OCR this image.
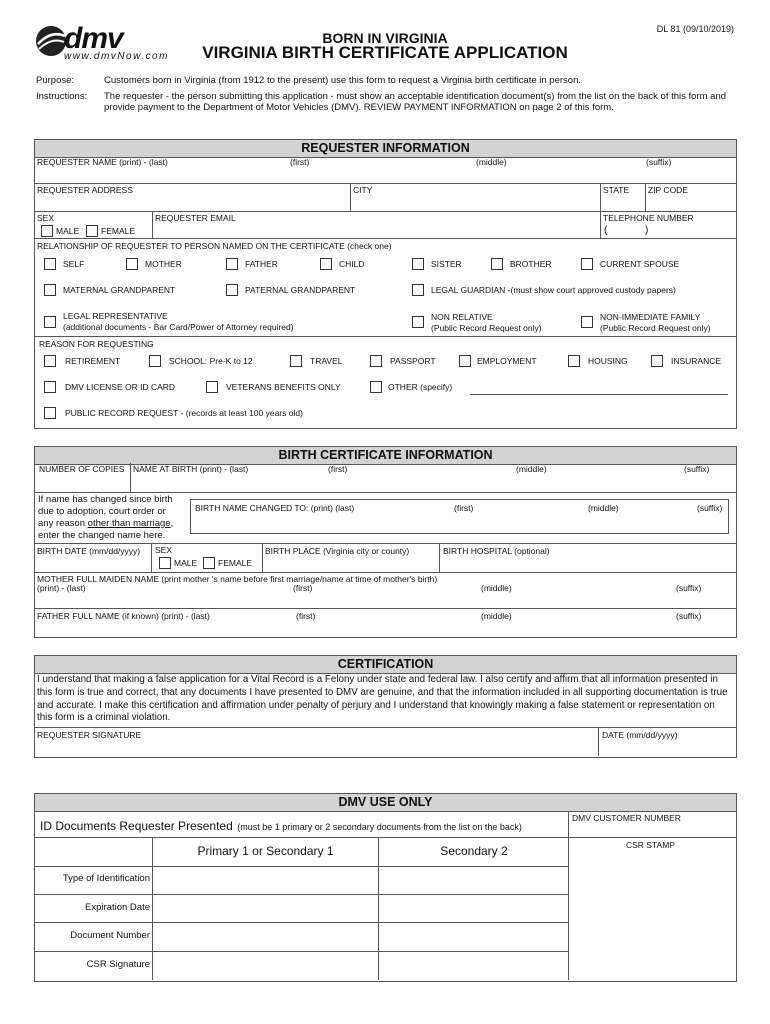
dmv
www.dmvNow.com
DL 81 (09/10/2019)
BORN IN VIRGINIA
VIRGINIA BIRTH CERTIFICATE APPLICATION
Purpose:	Customers born in Virginia (from 1912 to the present) use this form to request a Virginia birth certificate in person.
Instructions: The requester - the person submitting this application - must show an acceptable identification document(s) from the list on the back of this form and provide payment to the Department of Motor Vehicles (DMV). REVIEW PAYMENT INFORMATION on page 2 of this form.
REQUESTER INFORMATION
REQUESTER NAME (print) - (last)	(first)	(middle)	(suffix)
REQUESTER ADDRESS	CITY	STATE ZIP CODE
SEX
MALE	FEMALE
REQUESTER EMAIL	TELEPHONE NUMBER
(	)
RELATIONSHIP OF REQUESTER TO PERSON NAMED ON THE CERTIFICATE (check one)
SELF	MOTHER	FATHER	CHILD	SISTER	BROTHER	CURRENT SPOUSE
MATERNAL GRANDPARENT	PATERNAL GRANDPARENT	LEGAL GUARDIAN -(must show court approved custody papers)
LEGAL REPRESENTATIVE
(additional documents - Bar Card/Power of Attorney required)
NON RELATIVE
(Public Record Request only)
NON-IMMEDIATE FAMILY
(Public Record Request only)
REASON FOR REQUESTING
RETIREMENT	SCHOOL: Pre-K to 12	TRAVEL	PASSPORT	EMPLOYMENT	HOUSING	INSURANCE
DMV LICENSE OR ID CARD	VETERANS BENEFITS ONLY	OTHER (specify)
PUBLIC RECORD REQUEST - (records at least 100 years old)
BIRTH CERTIFICATE INFORMATION
NUMBER OF COPIES NAME AT BIRTH (print) - (last)	(first)	(middle)	(suffix)
If name has changed since birth
due to adoption, court order or
any reason other than marriage,
enter the changed name here.
BIRTH NAME CHANGED TO: (print) (last)	(first)	(middle)	(suffix)
BIRTH DATE (mm/dd/yyyy) SEX
MALE FEMALE
BIRTH PLACE (Virginia city or county)	BIRTH HOSPITAL (optional)
MOTHER FULL MAIDEN NAME (print mother 's name before first marriage/name at time of mother's birth)
(print) - (last)	(first)	(middle)	(suffix)
FATHER FULL NAME (if known) (print) - (last)	(first)	(middle)	(suffix)
CERTIFICATION
I understand that making a false application for a Vital Record is a Felony under state and federal law. I also certify and affirm that all information presented in this form is true and correct, that any documents I have presented to DMV are genuine, and that the information included in all supporting documentation is true and accurate. I make this certification and affirmation under penalty of perjury and I understand that knowingly making a false statement or representation on this form is a criminal violation.
REQUESTER SIGNATURE	DATE (mm/dd/yyyy)
DMV USE ONLY
ID Documents Requester Presented (must be 1 primary or 2 secondary documents from the list on the back)
DMV CUSTOMER NUMBER
CSR STAMP
Primary 1 or Secondary 1	Secondary 2
Type of Identification
Expiration Date
Document Number
CSR Signature
